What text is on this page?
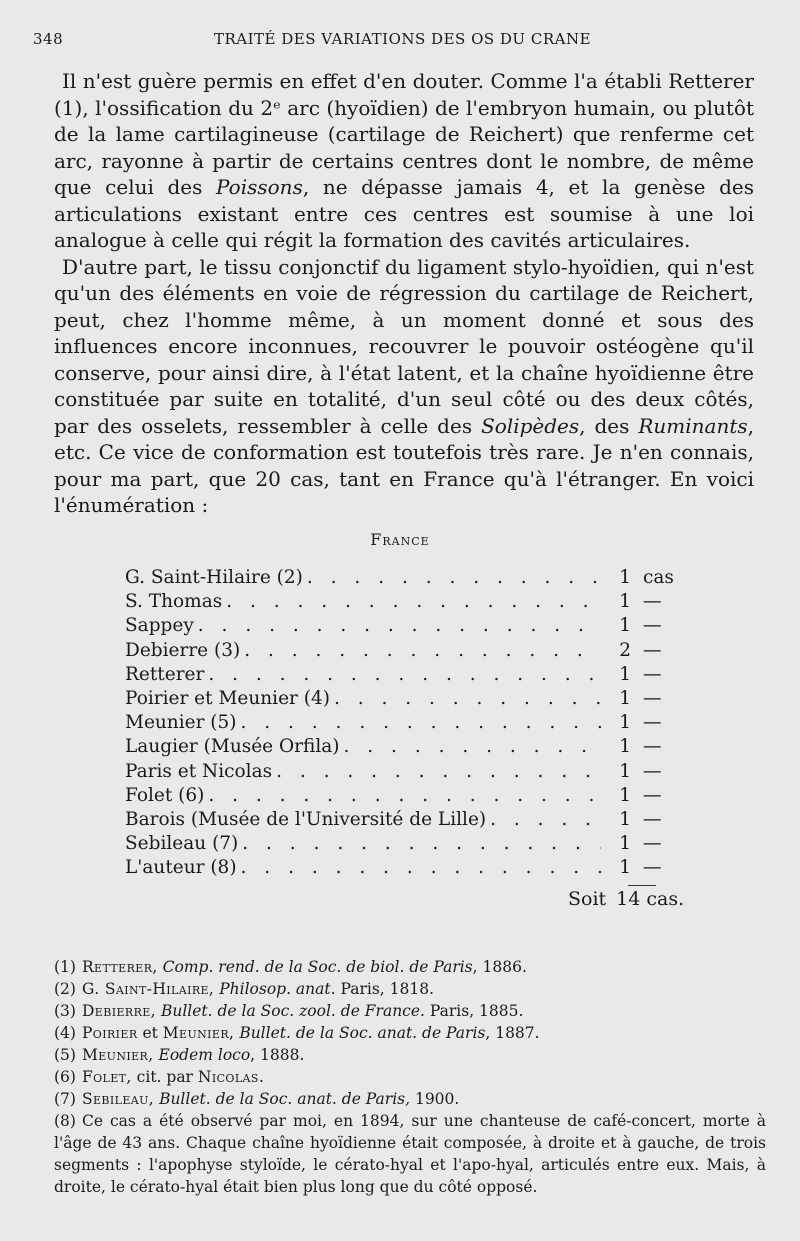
348	TRAITÉ DES VARIATIONS DES OS DU CRANE

Il n'est guère permis en effet d'en douter. Comme l'a établi Retterer (1), l'ossification du 2ᵉ arc (hyoïdien) de l'embryon humain, ou plutôt de la lame cartilagineuse (cartilage de Reichert) que renferme cet arc, rayonne à partir de certains centres dont le nombre, de même que celui des Poissons, ne dépasse jamais 4, et la genèse des articulations existant entre ces centres est soumise à une loi analogue à celle qui régit la formation des cavités articulaires.

D'autre part, le tissu conjonctif du ligament stylo-hyoïdien, qui n'est qu'un des éléments en voie de régression du cartilage de Reichert, peut, chez l'homme même, à un moment donné et sous des influences encore inconnues, recouvrer le pouvoir ostéogène qu'il conserve, pour ainsi dire, à l'état latent, et la chaîne hyoïdienne être constituée par suite en totalité, d'un seul côté ou des deux côtés, par des osselets, ressembler à celle des Solipèdes, des Ruminants, etc. Ce vice de conformation est toutefois très rare. Je n'en connais, pour ma part, que 20 cas, tant en France qu'à l'étranger. En voici l'énumération :

France
G. Saint-Hilaire (2) . . .	1 cas
S. Thomas . . .	1 —
Sappey . . .	1 —
Debierre (3) . . .	2 —
Retterer . . .	1 —
Poirier et Meunier (4) . . .	1 —
Meunier (5) . . .	1 —
Laugier (Musée Orfila) . . .	1 —
Paris et Nicolas . . .	1 —
Folet (6) . . .	1 —
Barois (Musée de l'Université de Lille) . . .	1 —
Sebileau (7) . . .	1 —
L'auteur (8) . . .	1 —
Soit 14 cas.

(1) Retterer, Comp. rend. de la Soc. de biol. de Paris, 1886.

(2) G. Saint-Hilaire, Philosop. anat. Paris, 1818.

(3) Debierre, Bullet. de la Soc. zool. de France. Paris, 1885.

(4) Poirier et Meunier, Bullet. de la Soc. anat. de Paris, 1887.

(5) Meunier, Eodem loco, 1888.

(6) Folet, cit. par Nicolas.

(7) Sebileau, Bullet. de la Soc. anat. de Paris, 1900.

(8) Ce cas a été observé par moi, en 1894, sur une chanteuse de café-concert, morte à l'âge de 43 ans. Chaque chaîne hyoïdienne était composée, à droite et à gauche, de trois segments : l'apophyse styloïde, le cérato-hyal et l'apo-hyal, articulés entre eux. Mais, à droite, le cérato-hyal était bien plus long que du côté opposé.
